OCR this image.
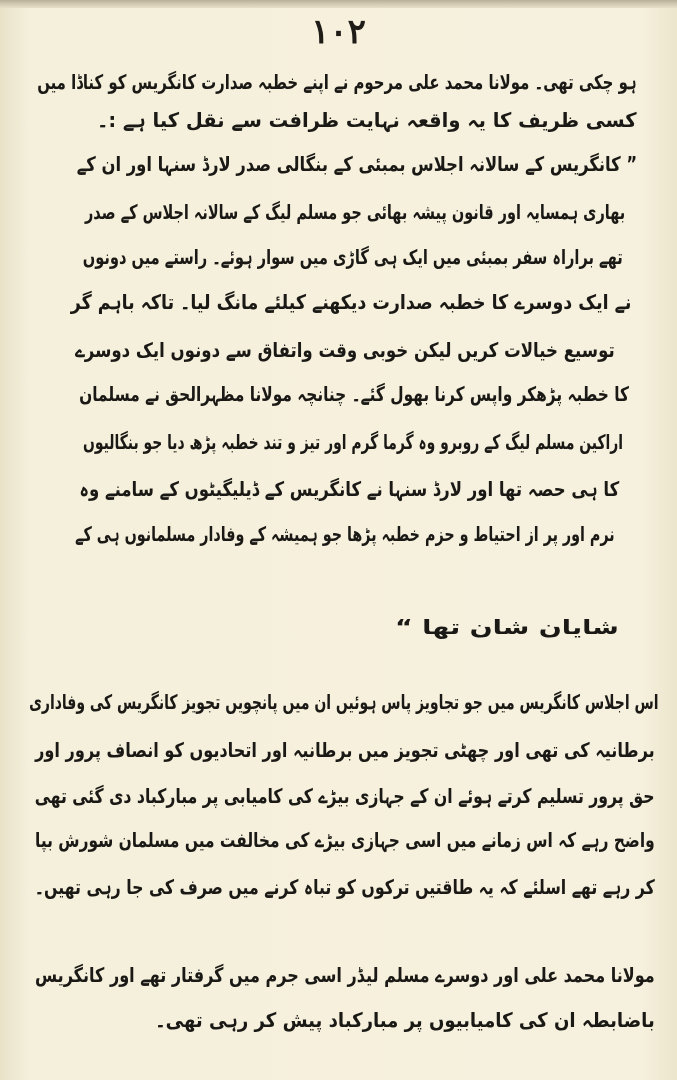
۱۰۲
ہو چکی تھی۔ مولانا محمد علی مرحوم نے اپنے خطبہ صدارت کانگریس کو کناڈا میں
کسی ظریف کا یہ واقعہ نہایت ظرافت سے نقل کیا ہے :۔
” کانگریس کے سالانہ اجلاس بمبئی کے بنگالی صدر لارڈ سنہا اور ان کے
بھاری ہمسایہ اور قانون پیشہ بھائی جو مسلم لیگ کے سالانہ اجلاس کے صدر
تھے براراہ سفر بمبئی میں ایک ہی گاڑی میں سوار ہوئے۔ راستے میں دونوں
نے ایک دوسرے کا خطبہ صدارت دیکھنے کیلئے مانگ لیا۔ تاکہ باہم گر
توسیع خیالات کریں لیکن خوبی وقت واتفاق سے دونوں ایک دوسرے
کا خطبہ پڑھکر واپس کرنا بھول گئے۔ چنانچہ مولانا مظہرالحق نے مسلمان
اراکین مسلم لیگ کے روبرو وہ گرما گرم اور تیز و تند خطبہ پڑھ دیا جو بنگالیوں
کا ہی حصہ تھا اور لارڈ سنہا نے کانگریس کے ڈیلیگیٹوں کے سامنے وہ
نرم اور پر از احتیاط و حزم خطبہ پڑھا جو ہمیشہ کے وفادار مسلمانوں ہی کے
شایان شان تھا “
اس اجلاس کانگریس میں جو تجاویز پاس ہوئیں ان میں پانچویں تجویز کانگریس کی وفاداری
برطانیہ کی تھی اور چھٹی تجویز میں برطانیہ اور اتحادیوں کو انصاف پرور اور
حق پرور تسلیم کرتے ہوئے ان کے جہازی بیڑے کی کامیابی پر مبارکباد دی گئی تھی
واضح رہے کہ اس زمانے میں اسی جہازی بیڑے کی مخالفت میں مسلمان شورش بپا
کر رہے تھے اسلئے کہ یہ طاقتیں ترکوں کو تباہ کرنے میں صرف کی جا رہی تھیں۔
مولانا محمد علی اور دوسرے مسلم لیڈر اسی جرم میں گرفتار تھے اور کانگریس
باضابطہ ان کی کامیابیوں پر مبارکباد پیش کر رہی تھی۔
